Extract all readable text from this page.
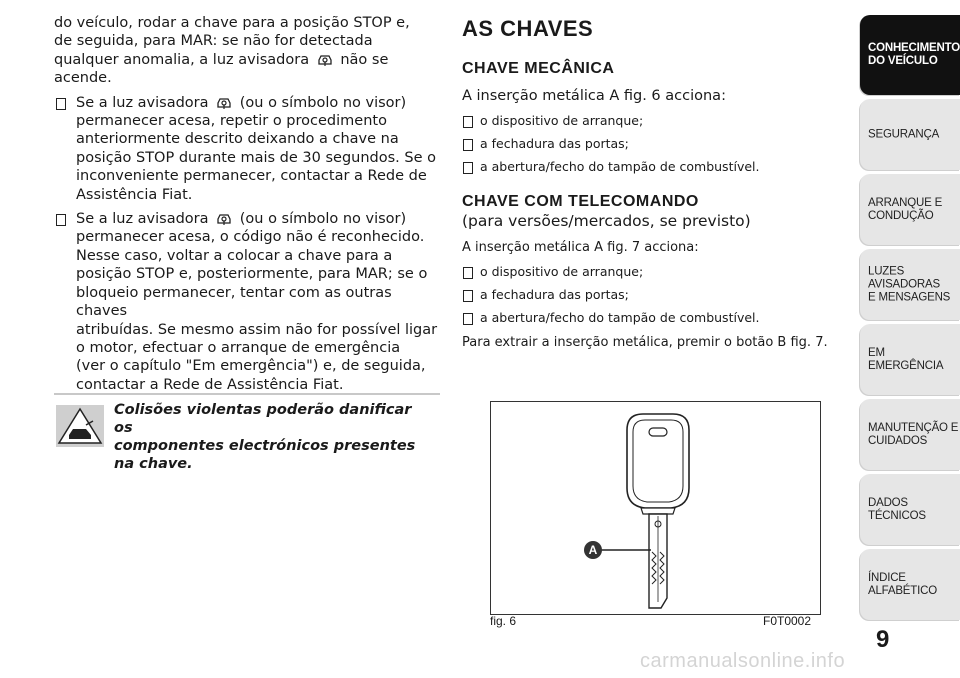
do veículo, rodar a chave para a posição STOP e,
de seguida, para MAR: se não for detectada
qualquer anomalia, a luz avisadora não se
acende.

Se a luz avisadora (ou o símbolo no visor)
permanecer acesa, repetir o procedimento
anteriormente descrito deixando a chave na
posição STOP durante mais de 30 segundos. Se o
inconveniente permanecer, contactar a Rede de
Assistência Fiat.
Se a luz avisadora (ou o símbolo no visor)
permanecer acesa, o código não é reconhecido.
Nesse caso, voltar a colocar a chave para a
posição STOP e, posteriormente, para MAR; se o
bloqueio permanecer, tentar com as outras chaves
atribuídas. Se mesmo assim não for possível ligar
o motor, efectuar o arranque de emergência
(ver o capítulo "Em emergência") e, de seguida,
contactar a Rede de Assistência Fiat.
Colisões violentas poderão danificar os
componentes electrónicos presentes
na chave.
AS CHAVES
CHAVE MECÂNICA

A inserção metálica A fig. 6 acciona:

o dispositivo de arranque;
a fechadura das portas;
a abertura/fecho do tampão de combustível.
CHAVE COM TELECOMANDO

(para versões/mercados, se previsto)

A inserção metálica A fig. 7 acciona:

o dispositivo de arranque;
a fechadura das portas;
a abertura/fecho do tampão de combustível.

Para extrair a inserção metálica, premir o botão B fig. 7.

A
fig. 6	F0T0002
CONHECIMENTO
DO VEÍCULO
SEGURANÇA
ARRANQUE E
CONDUÇÃO
LUZES AVISADORAS
E MENSAGENS
EM EMERGÊNCIA
MANUTENÇÃO E
CUIDADOS
DADOS TÉCNICOS
ÍNDICE ALFABÉTICO
9
carmanualsonline.info
